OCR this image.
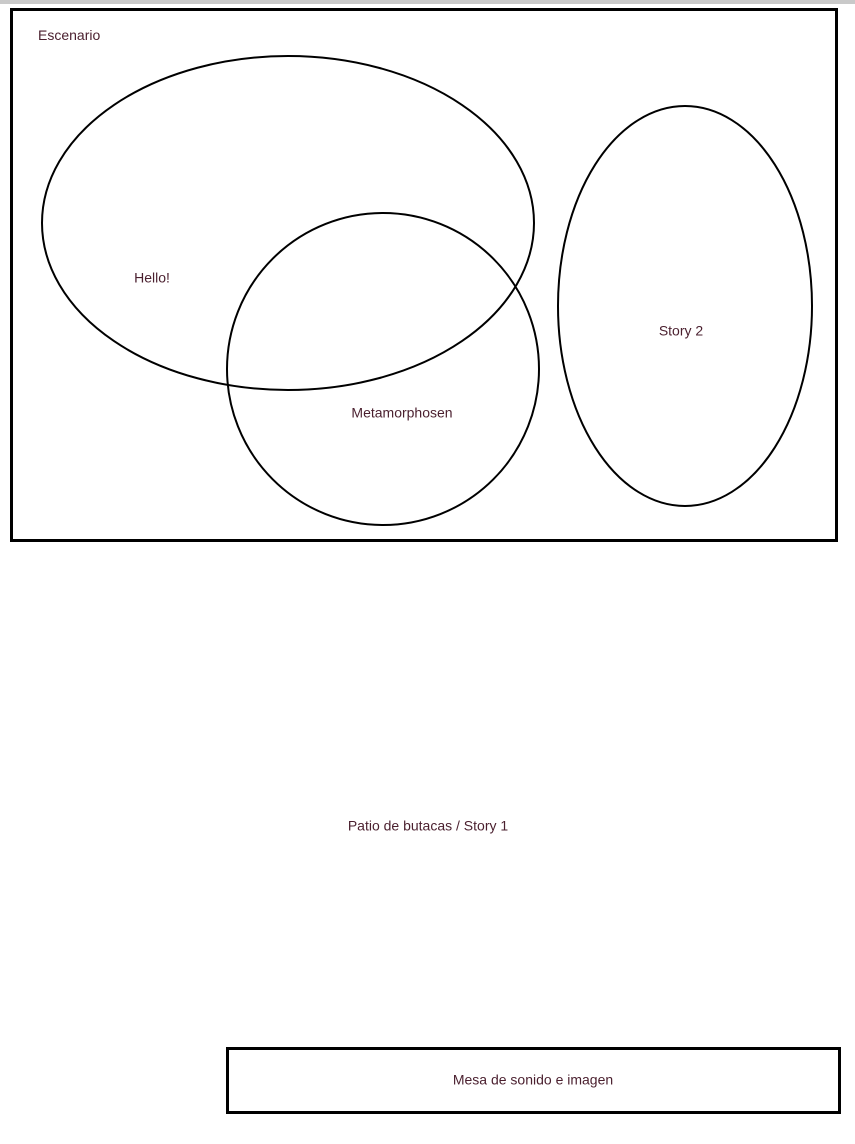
Escenario
Hello!
Metamorphosen
Story 2
Patio de butacas / Story 1
Mesa de sonido e imagen
